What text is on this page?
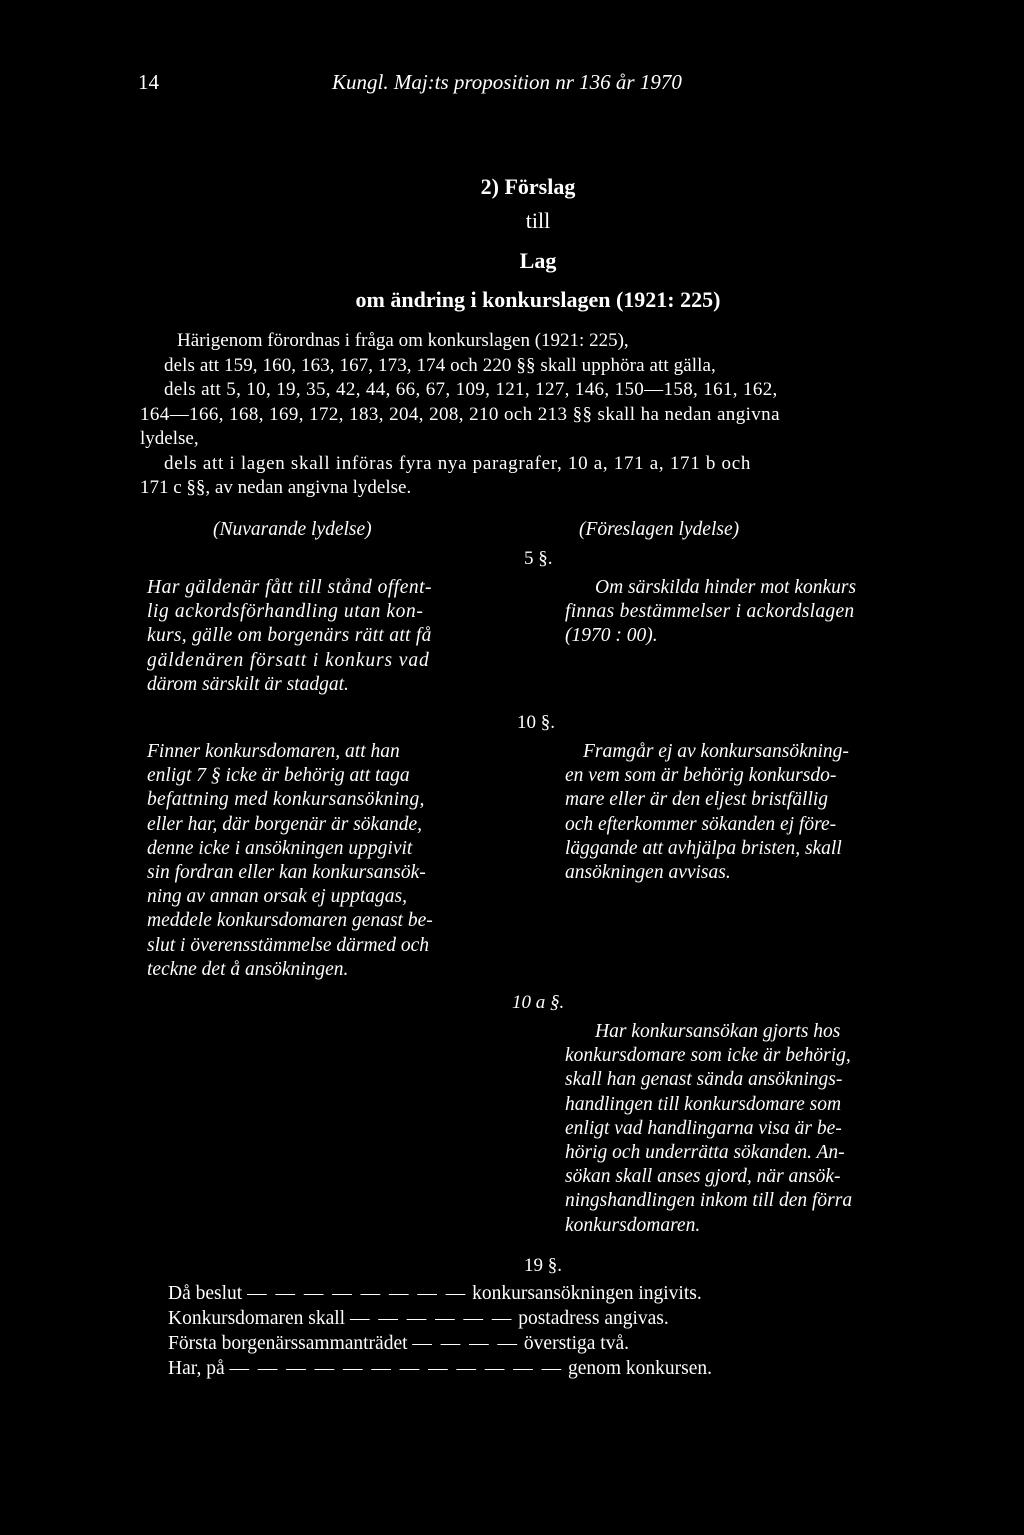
14	Kungl. Maj:ts proposition nr 136 år 1970
2) Förslag
till
Lag
om ändring i konkurslagen (1921: 225)
Härigenom förordnas i fråga om konkurslagen (1921: 225),
dels att 159, 160, 163, 167, 173, 174 och 220 §§ skall upphöra att gälla,
dels att 5, 10, 19, 35, 42, 44, 66, 67, 109, 121, 127, 146, 150—158, 161, 162,
164—166, 168, 169, 172, 183, 204, 208, 210 och 213 §§ skall ha nedan angivna
lydelse,
dels att i lagen skall införas fyra nya paragrafer, 10 a, 171 a, 171 b och
171 c §§, av nedan angivna lydelse.
(Nuvarande lydelse)	(Föreslagen lydelse)
5 §.
Har gäldenär fått till stånd offent-
lig ackordsförhandling utan kon-
kurs, gälle om borgenärs rätt att få
gäldenären försatt i konkurs vad
därom särskilt är stadgat.
Om särskilda hinder mot konkurs
finnas bestämmelser i ackordslagen
(1970 : 00).
10 §.
Finner konkursdomaren, att han
enligt 7 § icke är behörig att taga
befattning med konkursansökning,
eller har, där borgenär är sökande,
denne icke i ansökningen uppgivit
sin fordran eller kan konkursansök-
ning av annan orsak ej upptagas,
meddele konkursdomaren genast be-
slut i överensstämmelse därmed och
teckne det å ansökningen.
Framgår ej av konkursansökning-
en vem som är behörig konkursdo-
mare eller är den eljest bristfällig
och efterkommer sökanden ej före-
läggande att avhjälpa bristen, skall
ansökningen avvisas.
10 a §.
Har konkursansökan gjorts hos
konkursdomare som icke är behörig,
skall han genast sända ansöknings-
handlingen till konkursdomare som
enligt vad handlingarna visa är be-
hörig och underrätta sökanden. An-
sökan skall anses gjord, när ansök-
ningshandlingen inkom till den förra
konkursdomaren.
19 §.
Då beslut — — — — — — — — konkursansökningen ingivits.
Konkursdomaren skall — — — — — — postadress angivas.
Första borgenärssammanträdet — — — — överstiga två.
Har, på — — — — — — — — — — — — genom konkursen.
